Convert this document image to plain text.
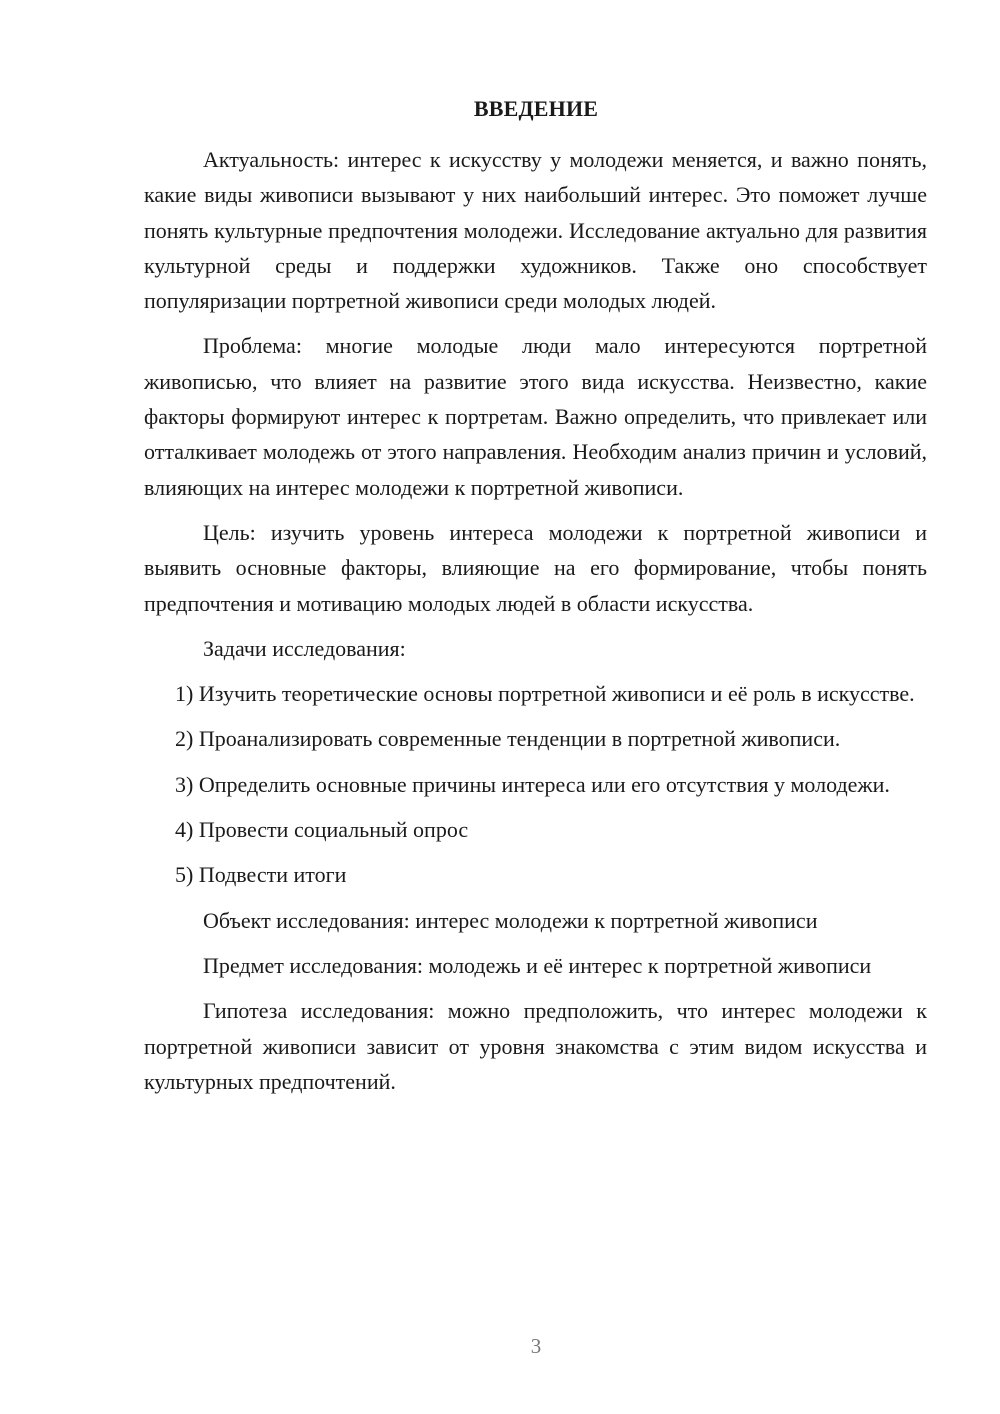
ВВЕДЕНИЕ

Актуальность: интерес к искусству у молодежи меняется, и важно понять, какие виды живописи вызывают у них наибольший интерес. Это поможет лучше понять культурные предпочтения молодежи. Исследование актуально для развития культурной среды и поддержки художников. Также оно способствует популяризации портретной живописи среди молодых людей.

Проблема: многие молодые люди мало интересуются портретной живописью, что влияет на развитие этого вида искусства. Неизвестно, какие факторы формируют интерес к портретам. Важно определить, что привлекает или отталкивает молодежь от этого направления. Необходим анализ причин и условий, влияющих на интерес молодежи к портретной живописи.

Цель: изучить уровень интереса молодежи к портретной живописи и выявить основные факторы, влияющие на его формирование, чтобы понять предпочтения и мотивацию молодых людей в области искусства.

Задачи исследования:

1) Изучить теоретические основы портретной живописи и её роль в искусстве.

2) Проанализировать современные тенденции в портретной живописи.

3) Определить основные причины интереса или его отсутствия у молодежи.

4) Провести социальный опрос

5) Подвести итоги

Объект исследования: интерес молодежи к портретной живописи

Предмет исследования: молодежь и её интерес к портретной живописи

Гипотеза исследования: можно предположить, что интерес молодежи к портретной живописи зависит от уровня знакомства с этим видом искусства и культурных предпочтений.

3
